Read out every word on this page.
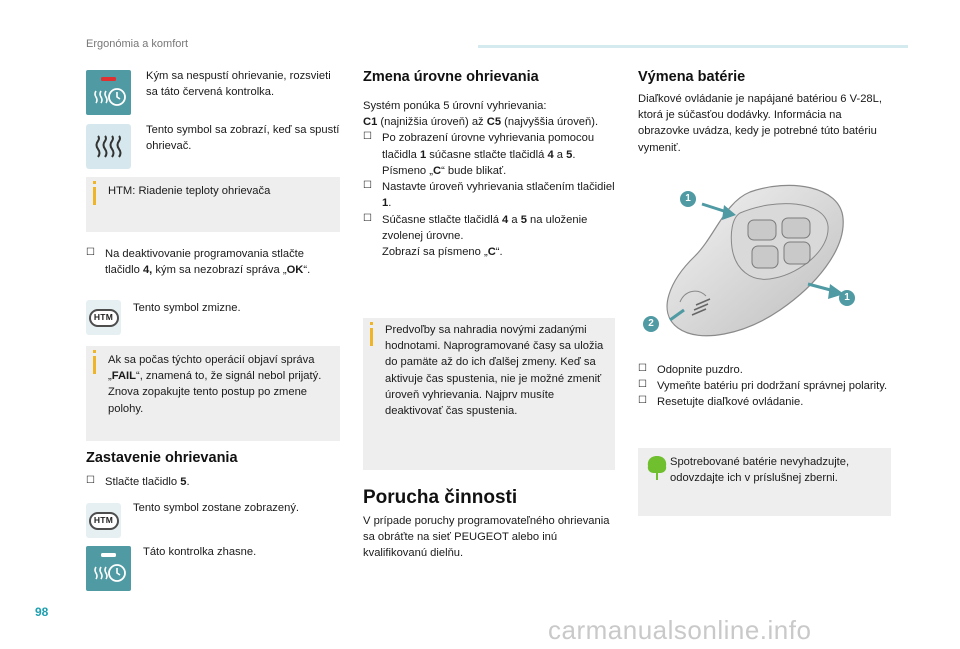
Ergonómia a komfort
Kým sa nespustí ohrievanie, rozsvieti sa táto červená kontrolka.
Tento symbol sa zobrazí, keď sa spustí ohrievač.
HTM: Riadenie teploty ohrievača
☐ Na deaktivovanie programovania stlačte tlačidlo 4, kým sa nezobrazí správa „OK“.
HTM
Tento symbol zmizne.
Ak sa počas týchto operácií objaví správa „FAIL“, znamená to, že signál nebol prijatý. Znova zopakujte tento postup po zmene polohy.
Zastavenie ohrievania
☐ Stlačte tlačidlo 5.
HTM
Tento symbol zostane zobrazený.
Táto kontrolka zhasne.
Zmena úrovne ohrievania
Systém ponúka 5 úrovní vyhrievania:
C1 (najnižšia úroveň) až C5 (najvyššia úroveň).
☐ Po zobrazení úrovne vyhrievania pomocou tlačidla 1 súčasne stlačte tlačidlá 4 a 5.
Písmeno „C“ bude blikať.
☐ Nastavte úroveň vyhrievania stlačením tlačidiel 1.
☐ Súčasne stlačte tlačidlá 4 a 5 na uloženie zvolenej úrovne.
Zobrazí sa písmeno „C“.
Predvoľby sa nahradia novými zadanými hodnotami. Naprogramované časy sa uložia do pamäte až do ich ďalšej zmeny. Keď sa aktivuje čas spustenia, nie je možné zmeniť úroveň vyhrievania. Najprv musíte deaktivovať čas spustenia.
Porucha činnosti
V prípade poruchy programovateľného ohrievania sa obráťte na sieť PEUGEOT alebo inú kvalifikovanú dielňu.
Výmena batérie
Diaľkové ovládanie je napájané batériou 6 V-28L, ktorá je súčasťou dodávky. Informácia na obrazovke uvádza, kedy je potrebné túto batériu vymeniť.
1
1
2
☐ Odopnite puzdro.
☐ Vymeňte batériu pri dodržaní správnej polarity.
☐ Resetujte diaľkové ovládanie.
Spotrebované batérie nevyhadzujte, odovzdajte ich v príslušnej zberni.
98
carmanualsonline.info
